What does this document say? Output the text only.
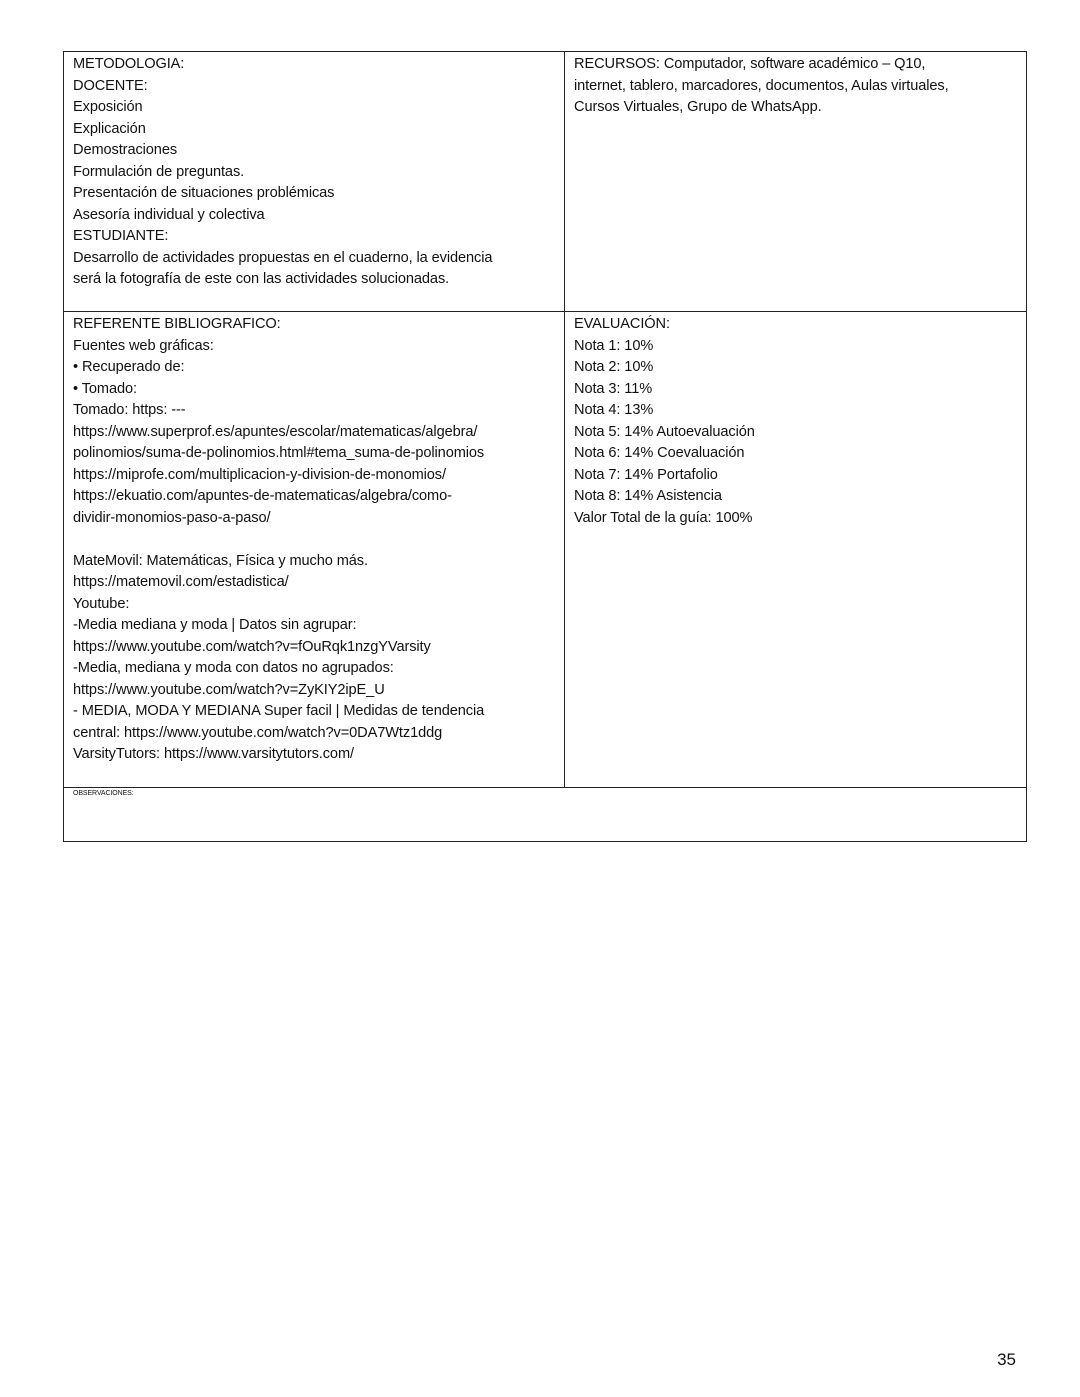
METODOLOGIA:
DOCENTE:
Exposición
Explicación
Demostraciones
Formulación de preguntas.
Presentación de situaciones problémicas
Asesoría individual y colectiva
ESTUDIANTE:
Desarrollo de actividades propuestas en el cuaderno, la evidencia
será la fotografía de este con las actividades solucionadas.
RECURSOS: Computador, software académico – Q10,
internet, tablero, marcadores, documentos, Aulas virtuales,
Cursos Virtuales, Grupo de WhatsApp.
REFERENTE BIBLIOGRAFICO:
Fuentes web gráficas:
• Recuperado de:
• Tomado:
Tomado: https: ---
https://www.superprof.es/apuntes/escolar/matematicas/algebra/
polinomios/suma-de-polinomios.html#tema_suma-de-polinomios
https://miprofe.com/multiplicacion-y-division-de-monomios/
https://ekuatio.com/apuntes-de-matematicas/algebra/como-
dividir-monomios-paso-a-paso/
MateMovil: Matemáticas, Física y mucho más.
https://matemovil.com/estadistica/
Youtube:
-Media mediana y moda | Datos sin agrupar:
https://www.youtube.com/watch?v=fOuRqk1nzgYVarsity
-Media, mediana y moda con datos no agrupados:
https://www.youtube.com/watch?v=ZyKIY2ipE_U
- MEDIA, MODA Y MEDIANA Super facil | Medidas de tendencia
central: https://www.youtube.com/watch?v=0DA7Wtz1ddg
VarsityTutors: https://www.varsitytutors.com/
EVALUACIÓN:
Nota 1: 10%
Nota 2: 10%
Nota 3: 11%
Nota 4: 13%
Nota 5: 14% Autoevaluación
Nota 6: 14% Coevaluación
Nota 7: 14% Portafolio
Nota 8: 14% Asistencia
Valor Total de la guía: 100%
OBSERVACIONES:
35
